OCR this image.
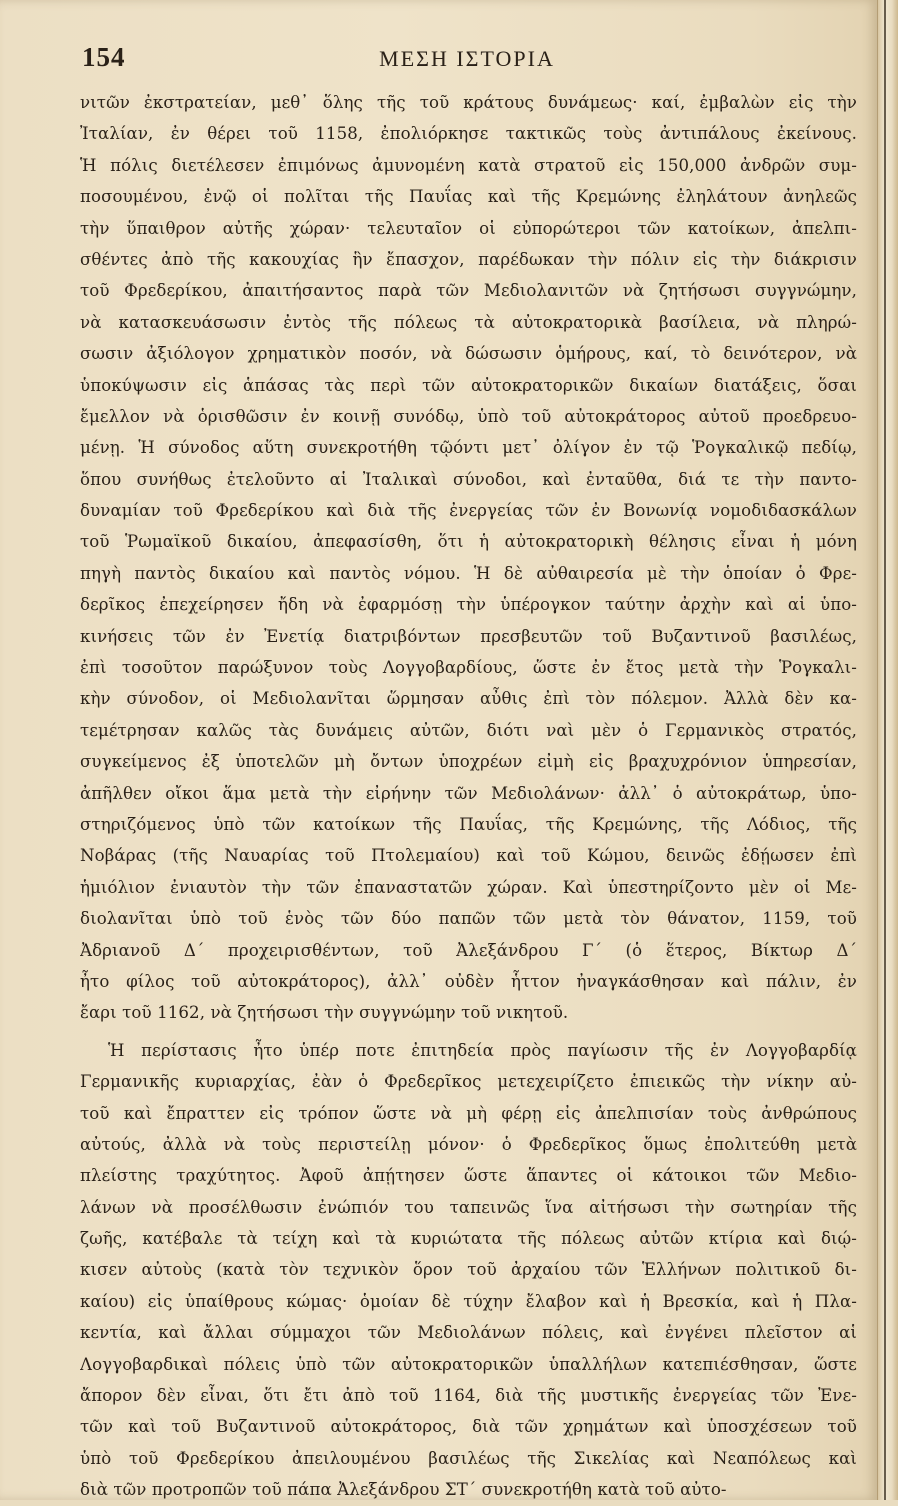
154	ΜΕΣΗ ΙΣΤΟΡΙΑ
νιτῶν ἐκστρατείαν, μεθ᾽ ὅλης τῆς τοῦ κράτους δυνάμεως· καί, ἐμβαλὼν εἰς τὴν
Ἰταλίαν, ἐν θέρει τοῦ 1158, ἐπολιόρκησε τακτικῶς τοὺς ἀντιπάλους ἐκείνους.
Ἡ πόλις διετέλεσεν ἐπιμόνως ἀμυνομένη κατὰ στρατοῦ εἰς 150,000 ἀνδρῶν συμ-
ποσουμένου, ἐνῷ οἱ πολῖται τῆς Παυΐας καὶ τῆς Κρεμώνης ἐληλάτουν ἀνηλεῶς
τὴν ὕπαιθρον αὐτῆς χώραν· τελευταῖον οἱ εὐπορώτεροι τῶν κατοίκων, ἀπελπι-
σθέντες ἀπὸ τῆς κακουχίας ἣν ἔπασχον, παρέδωκαν τὴν πόλιν εἰς τὴν διάκρισιν
τοῦ Φρεδερίκου, ἀπαιτήσαντος παρὰ τῶν Μεδιολανιτῶν νὰ ζητήσωσι συγγνώμην,
νὰ κατασκευάσωσιν ἐντὸς τῆς πόλεως τὰ αὐτοκρατορικὰ βασίλεια, νὰ πληρώ-
σωσιν ἀξιόλογον χρηματικὸν ποσόν, νὰ δώσωσιν ὁμήρους, καί, τὸ δεινότερον, νὰ
ὑποκύψωσιν εἰς ἁπάσας τὰς περὶ τῶν αὐτοκρατορικῶν δικαίων διατάξεις, ὅσαι
ἔμελλον νὰ ὁρισθῶσιν ἐν κοινῇ συνόδῳ, ὑπὸ τοῦ αὐτοκράτορος αὐτοῦ προεδρευο-
μένῃ. Ἡ σύνοδος αὕτη συνεκροτήθη τῷόντι μετ᾽ ὀλίγον ἐν τῷ Ῥογκαλικῷ πεδίῳ,
ὅπου συνήθως ἐτελοῦντο αἱ Ἰταλικαὶ σύνοδοι, καὶ ἐνταῦθα, διά τε τὴν παντο-
δυναμίαν τοῦ Φρεδερίκου καὶ διὰ τῆς ἐνεργείας τῶν ἐν Βονωνίᾳ νομοδιδασκάλων
τοῦ Ῥωμαϊκοῦ δικαίου, ἀπεφασίσθη, ὅτι ἡ αὐτοκρατορικὴ θέλησις εἶναι ἡ μόνη
πηγὴ παντὸς δικαίου καὶ παντὸς νόμου. Ἡ δὲ αὐθαιρεσία μὲ τὴν ὁποίαν ὁ Φρε-
δερῖκος ἐπεχείρησεν ἤδη νὰ ἐφαρμόσῃ τὴν ὑπέρογκον ταύτην ἀρχὴν καὶ αἱ ὑπο-
κινήσεις τῶν ἐν Ἐνετίᾳ διατριβόντων πρεσβευτῶν τοῦ Βυζαντινοῦ βασιλέως,
ἐπὶ τοσοῦτον παρώξυνον τοὺς Λογγοβαρδίους, ὥστε ἐν ἔτος μετὰ τὴν Ῥογκαλι-
κὴν σύνοδον, οἱ Μεδιολανῖται ὥρμησαν αὖθις ἐπὶ τὸν πόλεμον. Ἀλλὰ δὲν κα-
τεμέτρησαν καλῶς τὰς δυνάμεις αὐτῶν, διότι ναὶ μὲν ὁ Γερμανικὸς στρατός,
συγκείμενος ἐξ ὑποτελῶν μὴ ὄντων ὑποχρέων εἰμὴ εἰς βραχυχρόνιον ὑπηρεσίαν,
ἀπῆλθεν οἴκοι ἅμα μετὰ τὴν εἰρήνην τῶν Μεδιολάνων· ἀλλ᾽ ὁ αὐτοκράτωρ, ὑπο-
στηριζόμενος ὑπὸ τῶν κατοίκων τῆς Παυΐας, τῆς Κρεμώνης, τῆς Λόδιος, τῆς
Νοβάρας (τῆς Ναυαρίας τοῦ Πτολεμαίου) καὶ τοῦ Κώμου, δεινῶς ἐδῄωσεν ἐπὶ
ἡμιόλιον ἐνιαυτὸν τὴν τῶν ἐπαναστατῶν χώραν. Καὶ ὑπεστηρίζοντο μὲν οἱ Με-
διολανῖται ὑπὸ τοῦ ἑνὸς τῶν δύο παπῶν τῶν μετὰ τὸν θάνατον, 1159, τοῦ
Ἀδριανοῦ Δ΄ προχειρισθέντων, τοῦ Ἀλεξάνδρου Γ΄ (ὁ ἕτερος, Βίκτωρ Δ΄
ἦτο φίλος τοῦ αὐτοκράτορος), ἀλλ᾽ οὐδὲν ἧττον ἠναγκάσθησαν καὶ πάλιν, ἐν
ἔαρι τοῦ 1162, νὰ ζητήσωσι τὴν συγγνώμην τοῦ νικητοῦ.
Ἡ περίστασις ἦτο ὑπέρ ποτε ἐπιτηδεία πρὸς παγίωσιν τῆς ἐν Λογγοβαρδίᾳ
Γερμανικῆς κυριαρχίας, ἐὰν ὁ Φρεδερῖκος μετεχειρίζετο ἐπιεικῶς τὴν νίκην αὐ-
τοῦ καὶ ἔπραττεν εἰς τρόπον ὥστε νὰ μὴ φέρῃ εἰς ἀπελπισίαν τοὺς ἀνθρώπους
αὐτούς, ἀλλὰ νὰ τοὺς περιστείλῃ μόνον· ὁ Φρεδερῖκος ὅμως ἐπολιτεύθη μετὰ
πλείστης τραχύτητος. Ἀφοῦ ἀπῄτησεν ὥστε ἅπαντες οἱ κάτοικοι τῶν Μεδιο-
λάνων νὰ προσέλθωσιν ἐνώπιόν του ταπεινῶς ἵνα αἰτήσωσι τὴν σωτηρίαν τῆς
ζωῆς, κατέβαλε τὰ τείχη καὶ τὰ κυριώτατα τῆς πόλεως αὐτῶν κτίρια καὶ διῴ-
κισεν αὐτοὺς (κατὰ τὸν τεχνικὸν ὅρον τοῦ ἀρχαίου τῶν Ἑλλήνων πολιτικοῦ δι-
καίου) εἰς ὑπαίθρους κώμας· ὁμοίαν δὲ τύχην ἔλαβον καὶ ἡ Βρεσκία, καὶ ἡ Πλα-
κεντία, καὶ ἄλλαι σύμμαχοι τῶν Μεδιολάνων πόλεις, καὶ ἐνγένει πλεῖστον αἱ
Λογγοβαρδικαὶ πόλεις ὑπὸ τῶν αὐτοκρατορικῶν ὑπαλλήλων κατεπιέσθησαν, ὥστε
ἄπορον δὲν εἶναι, ὅτι ἔτι ἀπὸ τοῦ 1164, διὰ τῆς μυστικῆς ἐνεργείας τῶν Ἐνε-
τῶν καὶ τοῦ Βυζαντινοῦ αὐτοκράτορος, διὰ τῶν χρημάτων καὶ ὑποσχέσεων τοῦ
ὑπὸ τοῦ Φρεδερίκου ἀπειλουμένου βασιλέως τῆς Σικελίας καὶ Νεαπόλεως καὶ
διὰ τῶν προτροπῶν τοῦ πάπα Ἀλεξάνδρου ΣΤ΄ συνεκροτήθη κατὰ τοῦ αὐτο-
